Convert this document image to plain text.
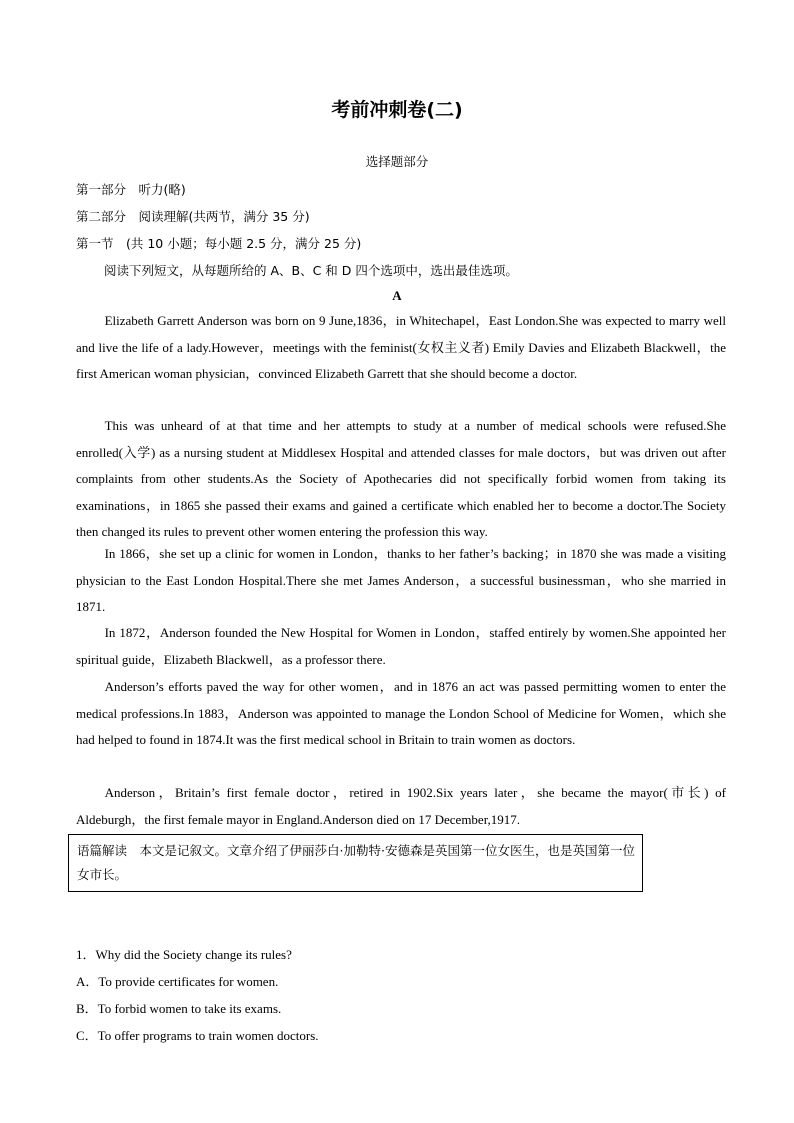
考前冲刺卷(二)
选择题部分
第一部分　听力(略)
第二部分　阅读理解(共两节，满分 35 分)
第一节　(共 10 小题；每小题 2.5 分，满分 25 分)
阅读下列短文，从每题所给的 A、B、C 和 D 四个选项中，选出最佳选项。
A
Elizabeth Garrett Anderson was born on 9 June,1836，in Whitechapel，East London.She was expected to marry well and live the life of a lady.However，meetings with the feminist(女权主义者) Emily Davies and Elizabeth Blackwell，the first American woman physician，convinced Elizabeth Garrett that she should become a doctor.
This was unheard of at that time and her attempts to study at a number of medical schools were refused.She enrolled(入学) as a nursing student at Middlesex Hospital and attended classes for male doctors，but was driven out after complaints from other students.As the Society of Apothecaries did not specifically forbid women from taking its examinations，in 1865 she passed their exams and gained a certificate which enabled her to become a doctor.The Society then changed its rules to prevent other women entering the profession this way.
In 1866，she set up a clinic for women in London，thanks to her father’s backing；in 1870 she was made a visiting physician to the East London Hospital.There she met James Anderson，a successful businessman，who she married in 1871.
In 1872，Anderson founded the New Hospital for Women in London，staffed entirely by women.She appointed her spiritual guide，Elizabeth Blackwell，as a professor there.
Anderson’s efforts paved the way for other women，and in 1876 an act was passed permitting women to enter the medical professions.In 1883，Anderson was appointed to manage the London School of Medicine for Women，which she had helped to found in 1874.It was the first medical school in Britain to train women as doctors.
Anderson，Britain’s first female doctor，retired in 1902.Six years later，she became the mayor(市长) of Aldeburgh，the first female mayor in England.Anderson died on 17 December,1917.
语篇解读　本文是记叙文。文章介绍了伊丽莎白·加勒特·安德森是英国第一位女医生，也是英国第一位女市长。
1．Why did the Society change its rules?
A．To provide certificates for women.
B．To forbid women to take its exams.
C．To offer programs to train women doctors.
